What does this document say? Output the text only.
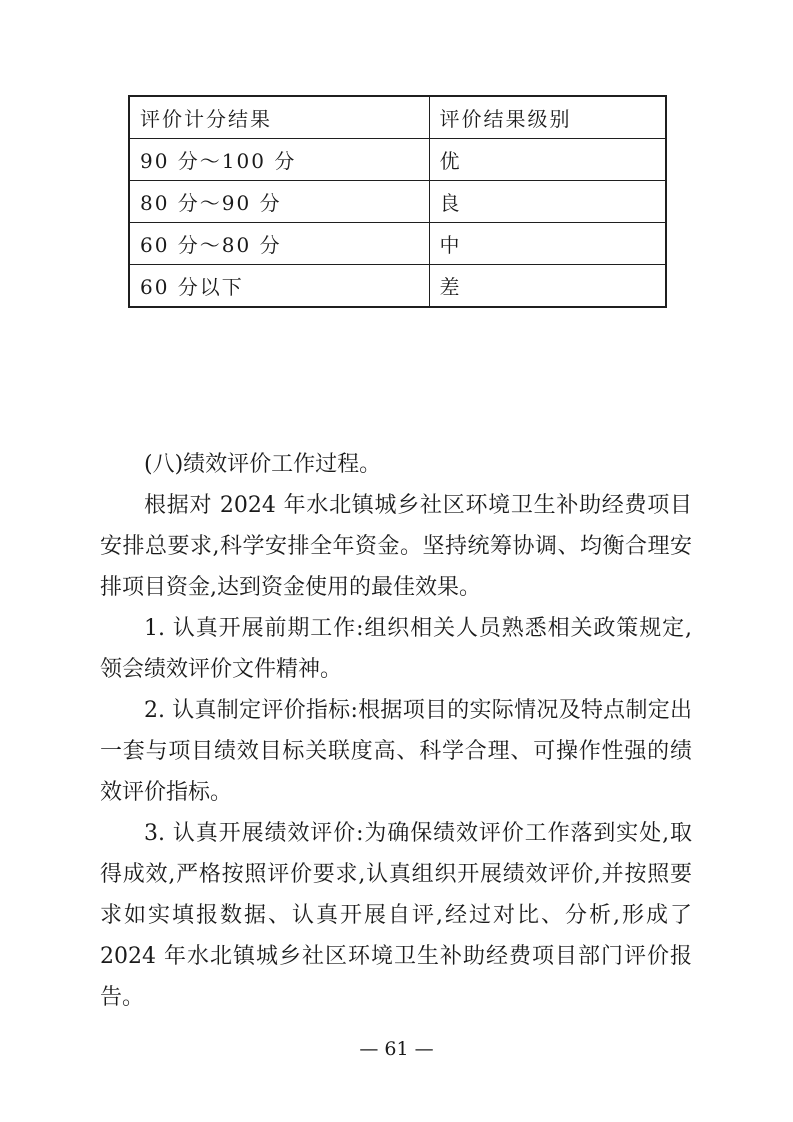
评价计分结果	评价结果级别
90 分～100 分	优
80 分～90 分	良
60 分～80 分	中
60 分以下	差

(八)绩效评价工作过程。

根据对 2024 年水北镇城乡社区环境卫生补助经费项目安排总要求,科学安排全年资金。坚持统筹协调、均衡合理安排项目资金,达到资金使用的最佳效果。

1. 认真开展前期工作:组织相关人员熟悉相关政策规定,领会绩效评价文件精神。

2. 认真制定评价指标:根据项目的实际情况及特点制定出一套与项目绩效目标关联度高、科学合理、可操作性强的绩效评价指标。

3. 认真开展绩效评价:为确保绩效评价工作落到实处,取得成效,严格按照评价要求,认真组织开展绩效评价,并按照要求如实填报数据、认真开展自评,经过对比、分析,形成了 2024 年水北镇城乡社区环境卫生补助经费项目部门评价报告。

— 61 —
